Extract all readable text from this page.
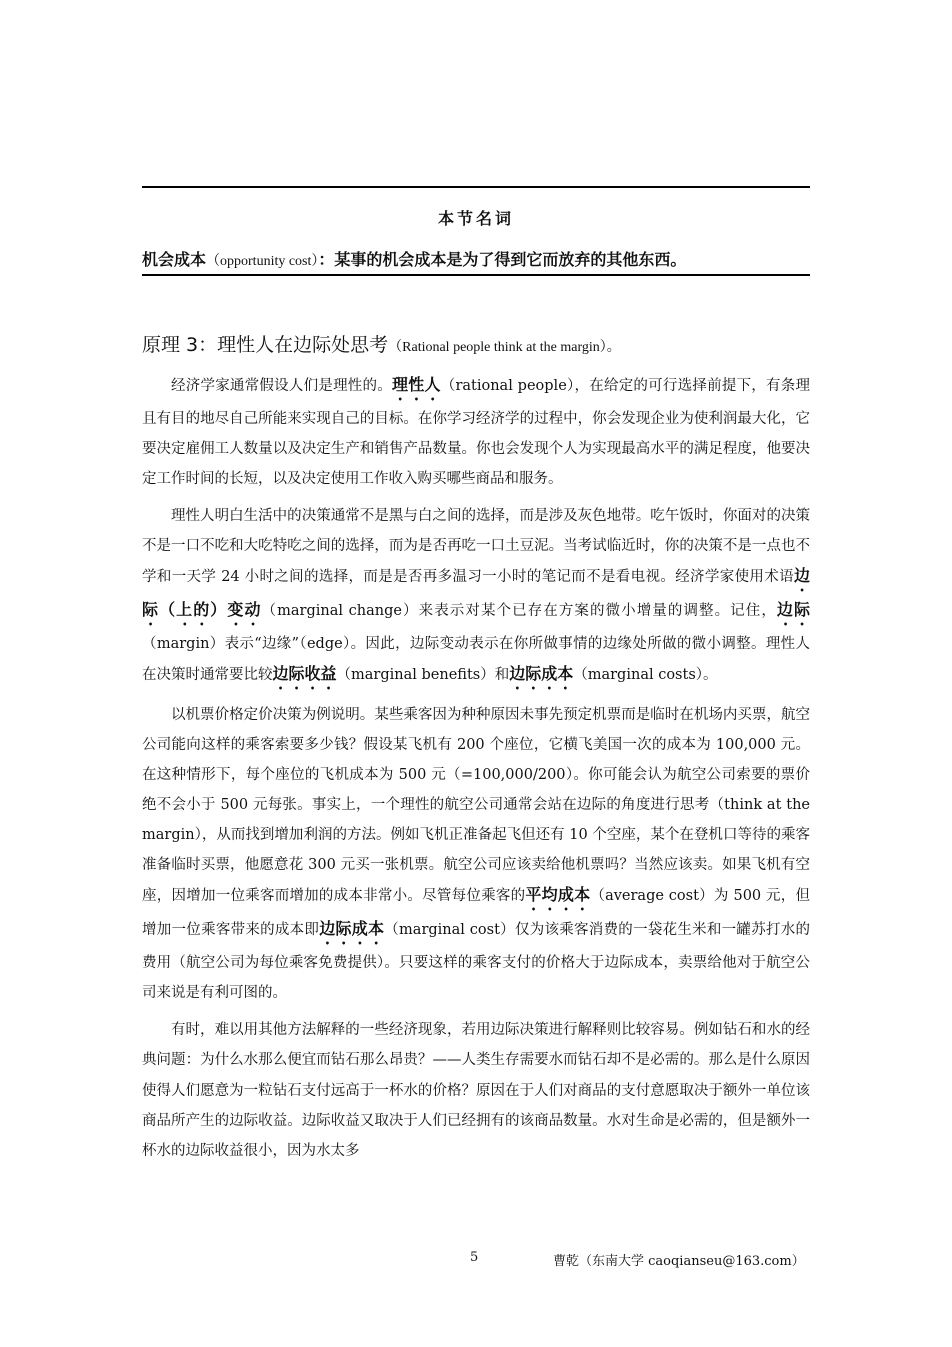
本节名词
机会成本（opportunity cost）：某事的机会成本是为了得到它而放弃的其他东西。
原理 3：理性人在边际处思考（Rational people think at the margin）。

经济学家通常假设人们是理性的。理性人（rational people），在给定的可行选择前提下，有条理且有目的地尽自己所能来实现自己的目标。在你学习经济学的过程中，你会发现企业为使利润最大化，它要决定雇佣工人数量以及决定生产和销售产品数量。你也会发现个人为实现最高水平的满足程度，他要决定工作时间的长短，以及决定使用工作收入购买哪些商品和服务。

理性人明白生活中的决策通常不是黑与白之间的选择，而是涉及灰色地带。吃午饭时，你面对的决策不是一口不吃和大吃特吃之间的选择，而为是否再吃一口土豆泥。当考试临近时，你的决策不是一点也不学和一天学 24 小时之间的选择，而是是否再多温习一小时的笔记而不是看电视。经济学家使用术语边际（上的）变动（marginal change）来表示对某个已存在方案的微小增量的调整。记住，边际（margin）表示“边缘”（edge）。因此，边际变动表示在你所做事情的边缘处所做的微小调整。理性人在决策时通常要比较边际收益（marginal benefits）和边际成本（marginal costs）。

以机票价格定价决策为例说明。某些乘客因为种种原因未事先预定机票而是临时在机场内买票，航空公司能向这样的乘客索要多少钱？假设某飞机有 200 个座位，它横飞美国一次的成本为 100,000 元。在这种情形下，每个座位的飞机成本为 500 元（=100,000/200）。你可能会认为航空公司索要的票价绝不会小于 500 元每张。事实上，一个理性的航空公司通常会站在边际的角度进行思考（think at the margin），从而找到增加利润的方法。例如飞机正准备起飞但还有 10 个空座，某个在登机口等待的乘客准备临时买票，他愿意花 300 元买一张机票。航空公司应该卖给他机票吗？当然应该卖。如果飞机有空座，因增加一位乘客而增加的成本非常小。尽管每位乘客的平均成本（average cost）为 500 元，但增加一位乘客带来的成本即边际成本（marginal cost）仅为该乘客消费的一袋花生米和一罐苏打水的费用（航空公司为每位乘客免费提供）。只要这样的乘客支付的价格大于边际成本，卖票给他对于航空公司来说是有利可图的。

有时，难以用其他方法解释的一些经济现象，若用边际决策进行解释则比较容易。例如钻石和水的经典问题：为什么水那么便宜而钻石那么昂贵？——人类生存需要水而钻石却不是必需的。那么是什么原因使得人们愿意为一粒钻石支付远高于一杯水的价格？原因在于人们对商品的支付意愿取决于额外一单位该商品所产生的边际收益。边际收益又取决于人们已经拥有的该商品数量。水对生命是必需的，但是额外一杯水的边际收益很小，因为水太多

5	曹乾（东南大学 caoqianseu@163.com）
